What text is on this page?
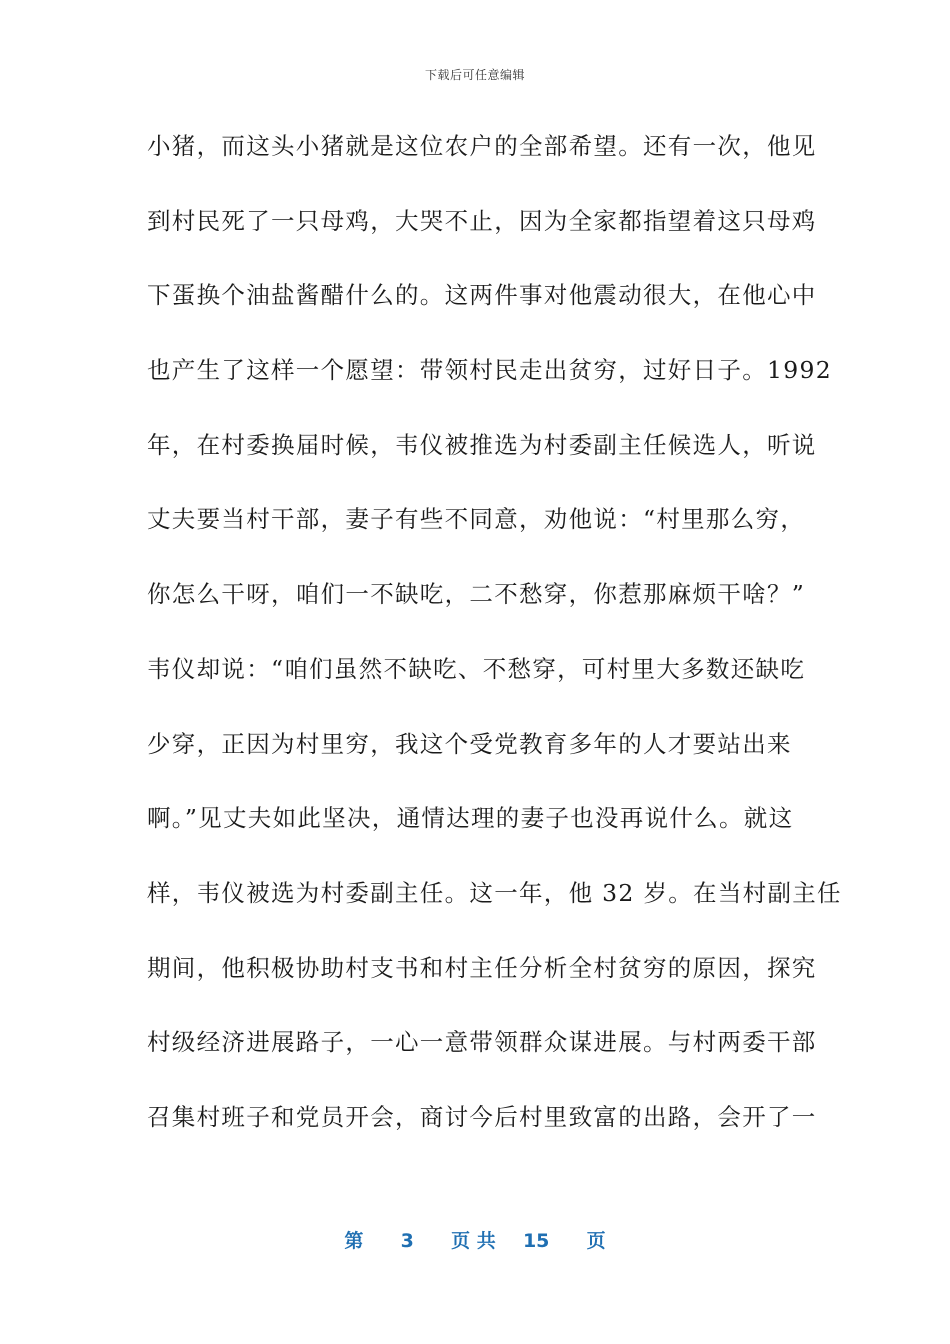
下载后可任意编辑
小猪，而这头小猪就是这位农户的全部希望。还有一次，他见
到村民死了一只母鸡，大哭不止，因为全家都指望着这只母鸡
下蛋换个油盐酱醋什么的。这两件事对他震动很大，在他心中
也产生了这样一个愿望：带领村民走出贫穷，过好日子。1992
年，在村委换届时候，韦仪被推选为村委副主任候选人，听说
丈夫要当村干部，妻子有些不同意，劝他说：“村里那么穷，
你怎么干呀，咱们一不缺吃，二不愁穿，你惹那麻烦干啥？”
韦仪却说：“咱们虽然不缺吃、不愁穿，可村里大多数还缺吃
少穿，正因为村里穷，我这个受党教育多年的人才要站出来
啊。”见丈夫如此坚决，通情达理的妻子也没再说什么。就这
样，韦仪被选为村委副主任。这一年，他 32 岁。在当村副主任
期间，他积极协助村支书和村主任分析全村贫穷的原因，探究
村级经济进展路子，一心一意带领群众谋进展。与村两委干部
召集村班子和党员开会，商讨今后村里致富的出路，会开了一
第 3 页 共 15 页
